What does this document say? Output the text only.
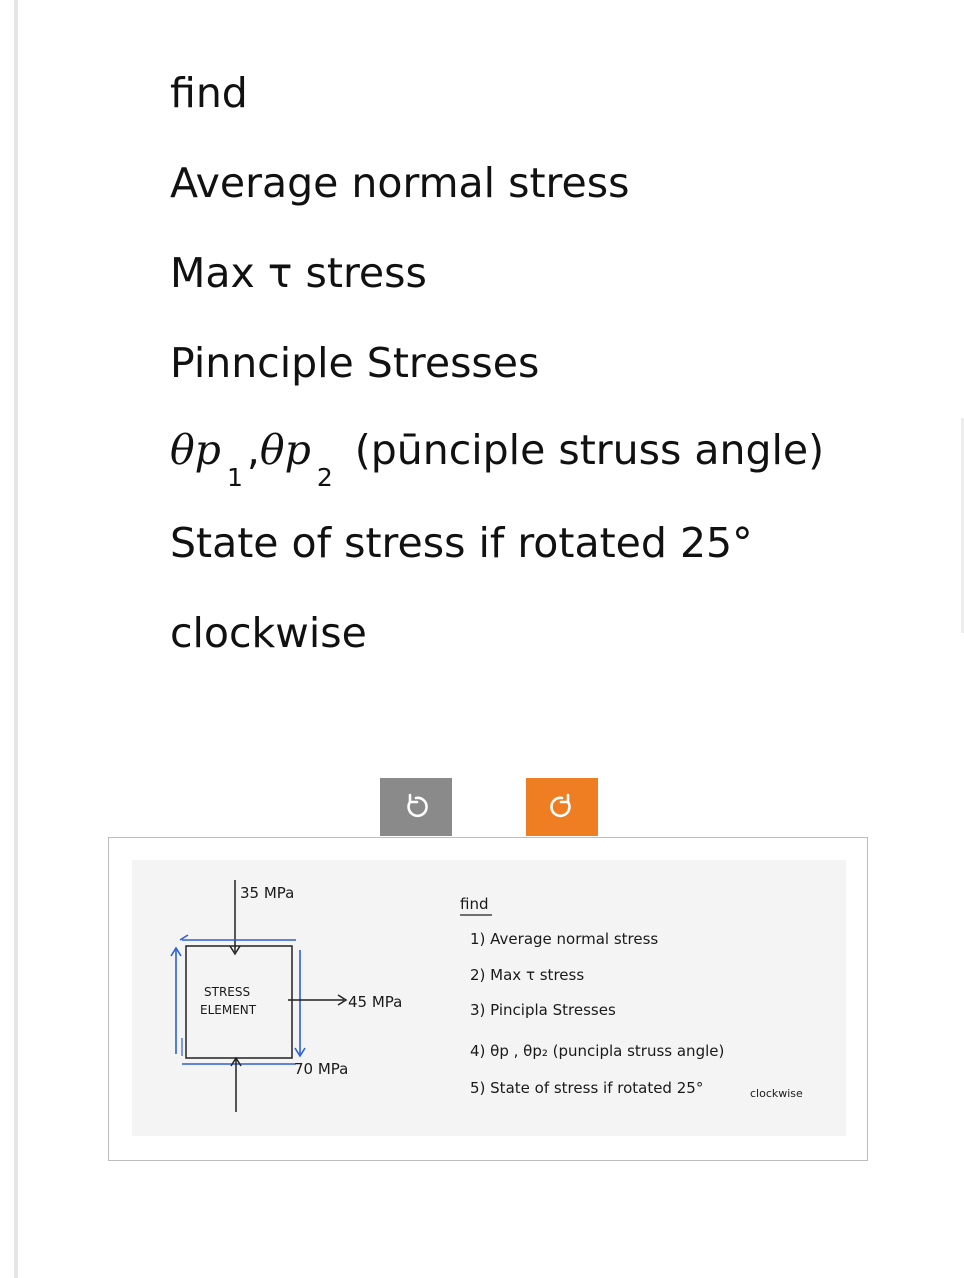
find
Average normal stress
Max τ stress
Pinnciple Stresses
$\theta p_1,\theta p_2(pūnciple$ struss angle)
State of stress if rotated 25°
clockwise
35 MPa
STRESS
ELEMENT	45 MPa
70 MPa
find
1) Average normal stress
2) Max τ stress
3) Pincipla Stresses
4) θp , θp₂ (puncipla struss angle)
5) State of stress if rotated 25°	clockwise
